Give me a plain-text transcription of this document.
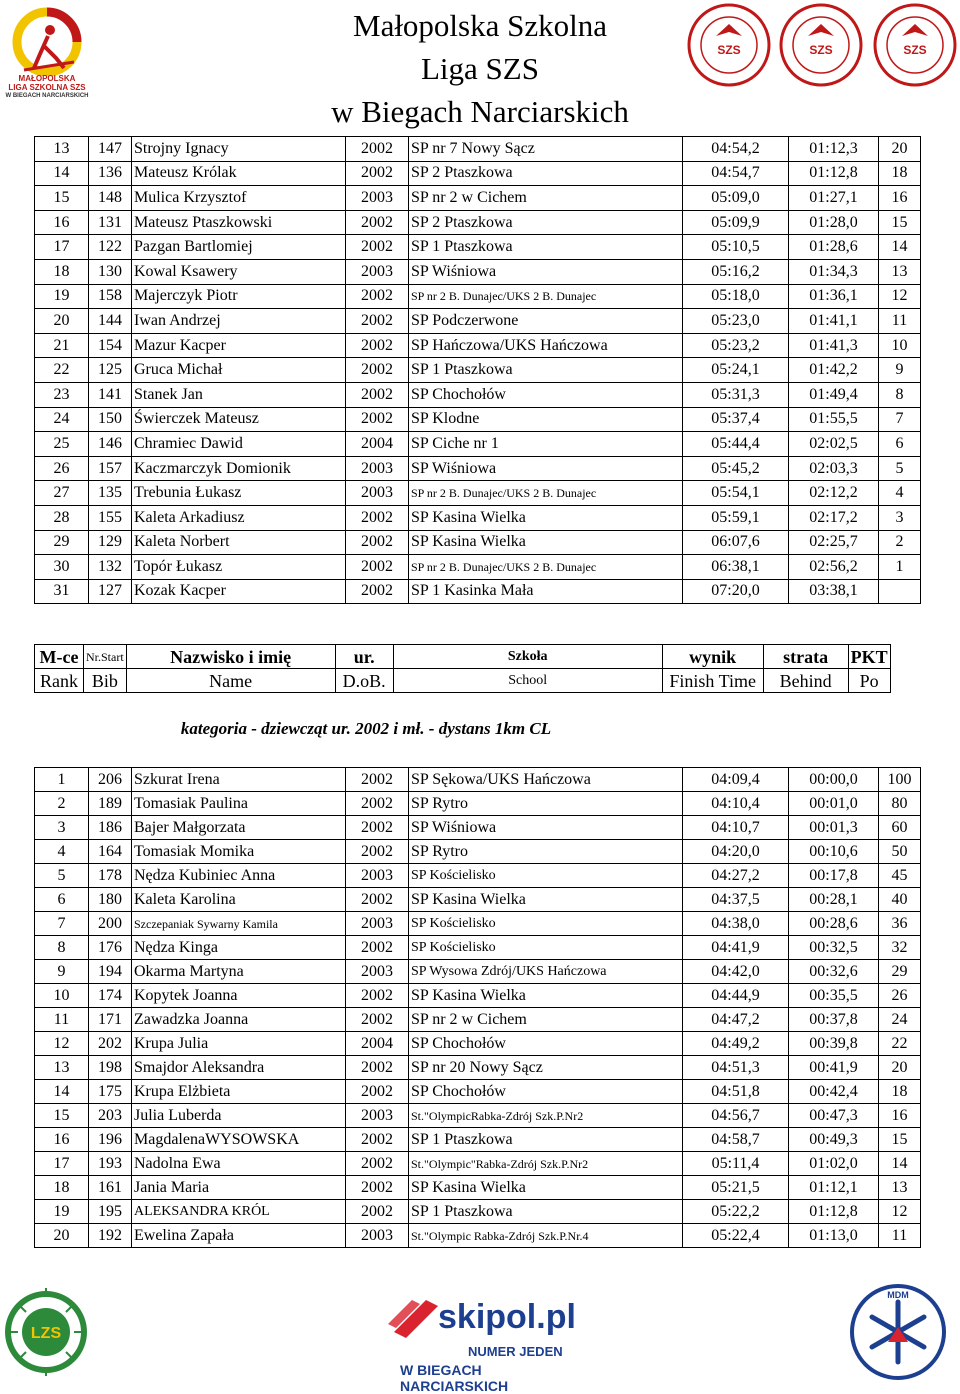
Małopolska Szkolna
Liga SZS
w Biegach Narciarskich
MAŁOPOLSKA
LIGA SZKOLNA SZS
W BIEGACH NARCIARSKICH
SZS	SZS	SZS
13	147	Strojny Ignacy	2002	SP nr 7 Nowy Sącz	04:54,2	01:12,3	20
14	136	Mateusz Królak	2002	SP 2 Ptaszkowa	04:54,7	01:12,8	18
15	148	Mulica Krzysztof	2003	SP nr 2 w Cichem	05:09,0	01:27,1	16
16	131	Mateusz Ptaszkowski	2002	SP 2 Ptaszkowa	05:09,9	01:28,0	15
17	122	Pazgan Bartlomiej	2002	SP 1 Ptaszkowa	05:10,5	01:28,6	14
18	130	Kowal Ksawery	2003	SP Wiśniowa	05:16,2	01:34,3	13
19	158	Majerczyk Piotr	2002	SP nr 2 B. Dunajec/UKS 2 B. Dunajec	05:18,0	01:36,1	12
20	144	Iwan Andrzej	2002	SP Podczerwone	05:23,0	01:41,1	11
21	154	Mazur Kacper	2002	SP Hańczowa/UKS Hańczowa	05:23,2	01:41,3	10
22	125	Gruca Michał	2002	SP 1 Ptaszkowa	05:24,1	01:42,2	9
23	141	Stanek Jan	2002	SP Chochołów	05:31,3	01:49,4	8
24	150	Świerczek Mateusz	2002	SP Klodne	05:37,4	01:55,5	7
25	146	Chramiec Dawid	2004	SP Ciche nr 1	05:44,4	02:02,5	6
26	157	Kaczmarczyk Domionik	2003	SP Wiśniowa	05:45,2	02:03,3	5
27	135	Trebunia Łukasz	2003	SP nr 2 B. Dunajec/UKS 2 B. Dunajec	05:54,1	02:12,2	4
28	155	Kaleta Arkadiusz	2002	SP Kasina Wielka	05:59,1	02:17,2	3
29	129	Kaleta Norbert	2002	SP Kasina Wielka	06:07,6	02:25,7	2
30	132	Topór Łukasz	2002	SP nr 2 B. Dunajec/UKS 2 B. Dunajec	06:38,1	02:56,2	1
31	127	Kozak Kacper	2002	SP 1 Kasinka Mała	07:20,0	03:38,1	
M-ce	Nr.Start	Nazwisko i imię	ur.	Szkoła	wynik	strata	PKT
Rank	Bib	Name	D.oB.	School	Finish Time	Behind	Po
kategoria - dziewcząt ur. 2002 i mł. - dystans 1km CL
1	206	Szkurat Irena	2002	SP Sękowa/UKS Hańczowa	04:09,4	00:00,0	100
2	189	Tomasiak Paulina	2002	SP Rytro	04:10,4	00:01,0	80
3	186	Bajer Małgorzata	2002	SP Wiśniowa	04:10,7	00:01,3	60
4	164	Tomasiak Momika	2002	SP Rytro	04:20,0	00:10,6	50
5	178	Nędza Kubiniec Anna	2003	SP Kościelisko	04:27,2	00:17,8	45
6	180	Kaleta Karolina	2002	SP Kasina Wielka	04:37,5	00:28,1	40
7	200	Szczepaniak Sywarny Kamila	2003	SP Kościelisko	04:38,0	00:28,6	36
8	176	Nędza Kinga	2002	SP Kościelisko	04:41,9	00:32,5	32
9	194	Okarma Martyna	2003	SP Wysowa Zdrój/UKS Hańczowa	04:42,0	00:32,6	29
10	174	Kopytek Joanna	2002	SP Kasina Wielka	04:44,9	00:35,5	26
11	171	Zawadzka Joanna	2002	SP nr 2 w Cichem	04:47,2	00:37,8	24
12	202	Krupa Julia	2004	SP Chochołów	04:49,2	00:39,8	22
13	198	Smajdor Aleksandra	2002	SP nr 20 Nowy Sącz	04:51,3	00:41,9	20
14	175	Krupa Elżbieta	2002	SP Chochołów	04:51,8	00:42,4	18
15	203	Julia Luberda	2003	St."OlympicRabka-Zdrój Szk.P.Nr2	04:56,7	00:47,3	16
16	196	MagdalenaWYSOWSKA	2002	SP 1 Ptaszkowa	04:58,7	00:49,3	15
17	193	Nadolna Ewa	2002	St."Olympic"Rabka-Zdrój Szk.P.Nr2	05:11,4	01:02,0	14
18	161	Jania Maria	2002	SP Kasina Wielka	05:21,5	01:12,1	13
19	195	ALEKSANDRA KRÓL	2002	SP 1 Ptaszkowa	05:22,2	01:12,8	12
20	192	Ewelina Zapała	2003	St."Olympic Rabka-Zdrój Szk.P.Nr.4	05:22,4	01:13,0	11
LZS	skipol.pl
NUMER JEDEN
W BIEGACH NARCIARSKICH
MDM
